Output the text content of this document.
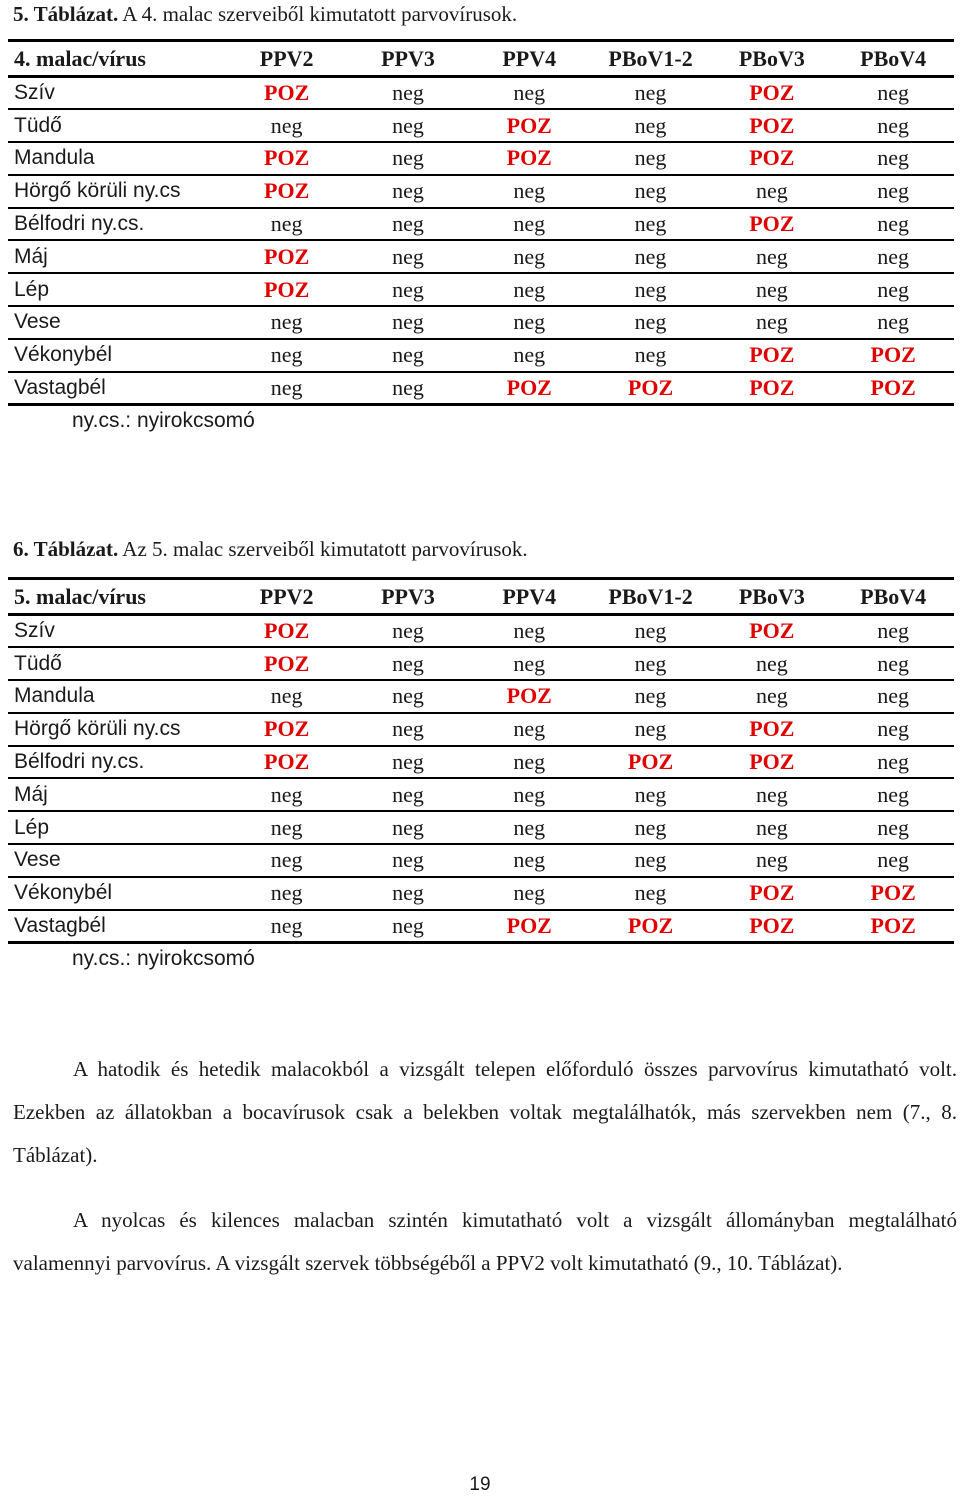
5. Táblázat. A 4. malac szerveiből kimutatott parvovírusok.
4. malac/vírus	PPV2	PPV3	PPV4	PBoV1-2	PBoV3	PBoV4
Szív	POZ	neg	neg	neg	POZ	neg
Tüdő	neg	neg	POZ	neg	POZ	neg
Mandula	POZ	neg	POZ	neg	POZ	neg
Hörgő körüli ny.cs	POZ	neg	neg	neg	neg	neg
Bélfodri ny.cs.	neg	neg	neg	neg	POZ	neg
Máj	POZ	neg	neg	neg	neg	neg
Lép	POZ	neg	neg	neg	neg	neg
Vese	neg	neg	neg	neg	neg	neg
Vékonybél	neg	neg	neg	neg	POZ	POZ
Vastagbél	neg	neg	POZ	POZ	POZ	POZ
ny.cs.: nyirokcsomó
6. Táblázat. Az 5. malac szerveiből kimutatott parvovírusok.
5. malac/vírus	PPV2	PPV3	PPV4	PBoV1-2	PBoV3	PBoV4
Szív	POZ	neg	neg	neg	POZ	neg
Tüdő	POZ	neg	neg	neg	neg	neg
Mandula	neg	neg	POZ	neg	neg	neg
Hörgő körüli ny.cs	POZ	neg	neg	neg	POZ	neg
Bélfodri ny.cs.	POZ	neg	neg	POZ	POZ	neg
Máj	neg	neg	neg	neg	neg	neg
Lép	neg	neg	neg	neg	neg	neg
Vese	neg	neg	neg	neg	neg	neg
Vékonybél	neg	neg	neg	neg	POZ	POZ
Vastagbél	neg	neg	POZ	POZ	POZ	POZ
ny.cs.: nyirokcsomó

A hatodik és hetedik malacokból a vizsgált telepen előforduló összes parvovírus kimutatható volt. Ezekben az állatokban a bocavírusok csak a belekben voltak megtalálhatók, más szervekben nem (7., 8. Táblázat).

A nyolcas és kilences malacban szintén kimutatható volt a vizsgált állományban megtalálható valamennyi parvovírus. A vizsgált szervek többségéből a PPV2 volt kimutatható (9., 10. Táblázat).

19
